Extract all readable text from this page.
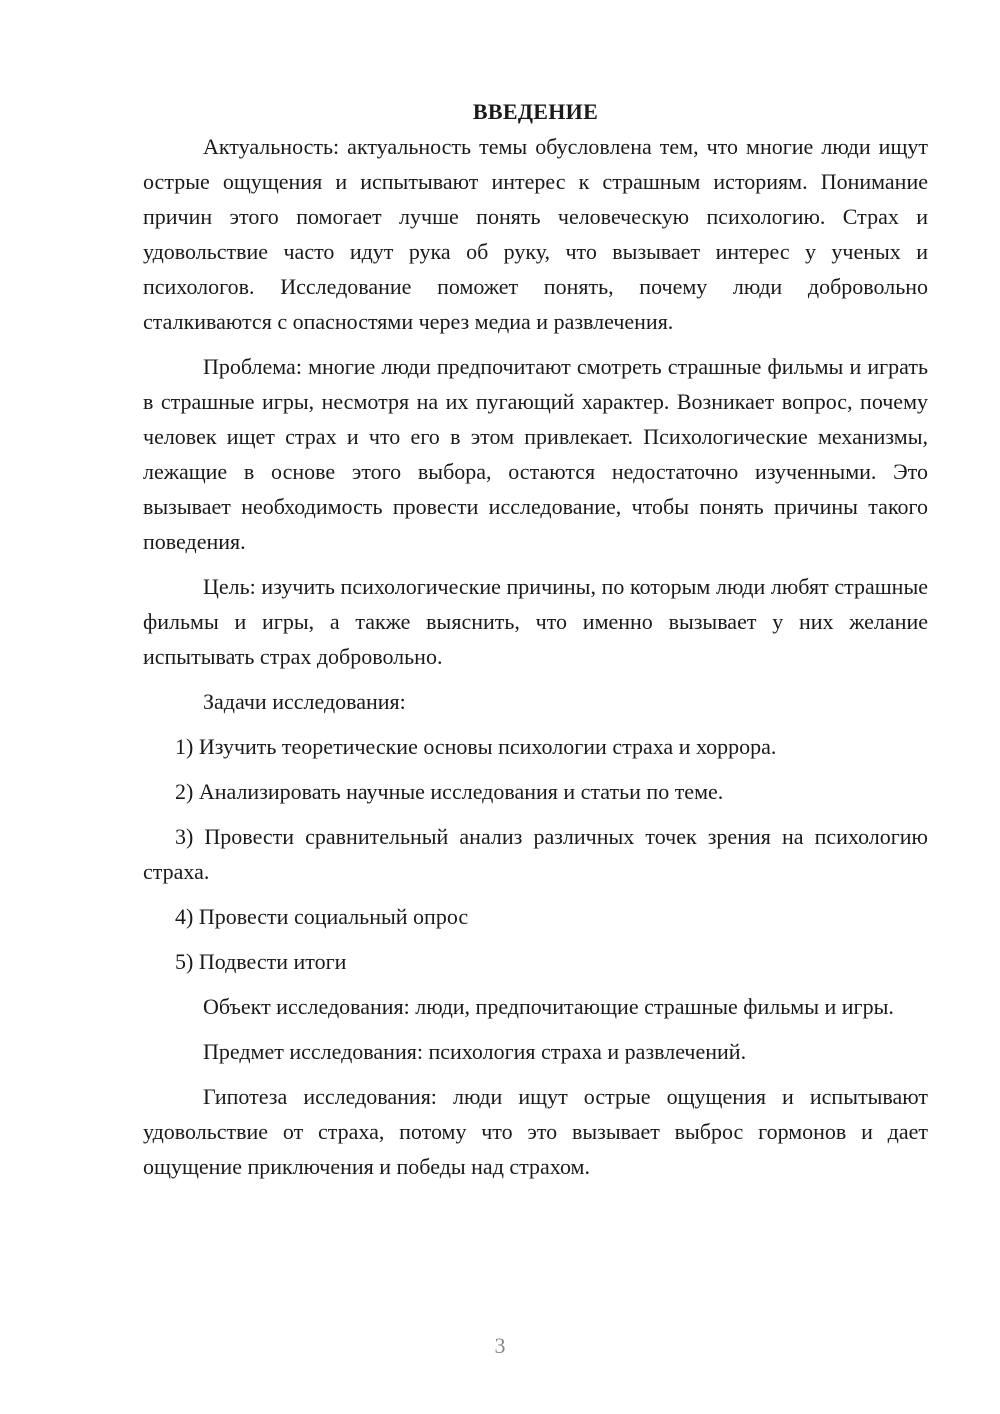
ВВЕДЕНИЕ

Актуальность: актуальность темы обусловлена тем, что многие люди ищут острые ощущения и испытывают интерес к страшным историям. Понимание причин этого помогает лучше понять человеческую психологию. Страх и удовольствие часто идут рука об руку, что вызывает интерес у ученых и психологов. Исследование поможет понять, почему люди добровольно сталкиваются с опасностями через медиа и развлечения.

Проблема: многие люди предпочитают смотреть страшные фильмы и играть в страшные игры, несмотря на их пугающий характер. Возникает вопрос, почему человек ищет страх и что его в этом привлекает. Психологические механизмы, лежащие в основе этого выбора, остаются недостаточно изученными. Это вызывает необходимость провести исследование, чтобы понять причины такого поведения.

Цель: изучить психологические причины, по которым люди любят страшные фильмы и игры, а также выяснить, что именно вызывает у них желание испытывать страх добровольно.

Задачи исследования:

1) Изучить теоретические основы психологии страха и хоррора.

2) Анализировать научные исследования и статьи по теме.

3) Провести сравнительный анализ различных точек зрения на психологию страха.

4) Провести социальный опрос

5) Подвести итоги

Объект исследования: люди, предпочитающие страшные фильмы и игры.

Предмет исследования: психология страха и развлечений.

Гипотеза исследования: люди ищут острые ощущения и испытывают удовольствие от страха, потому что это вызывает выброс гормонов и дает ощущение приключения и победы над страхом.

3
